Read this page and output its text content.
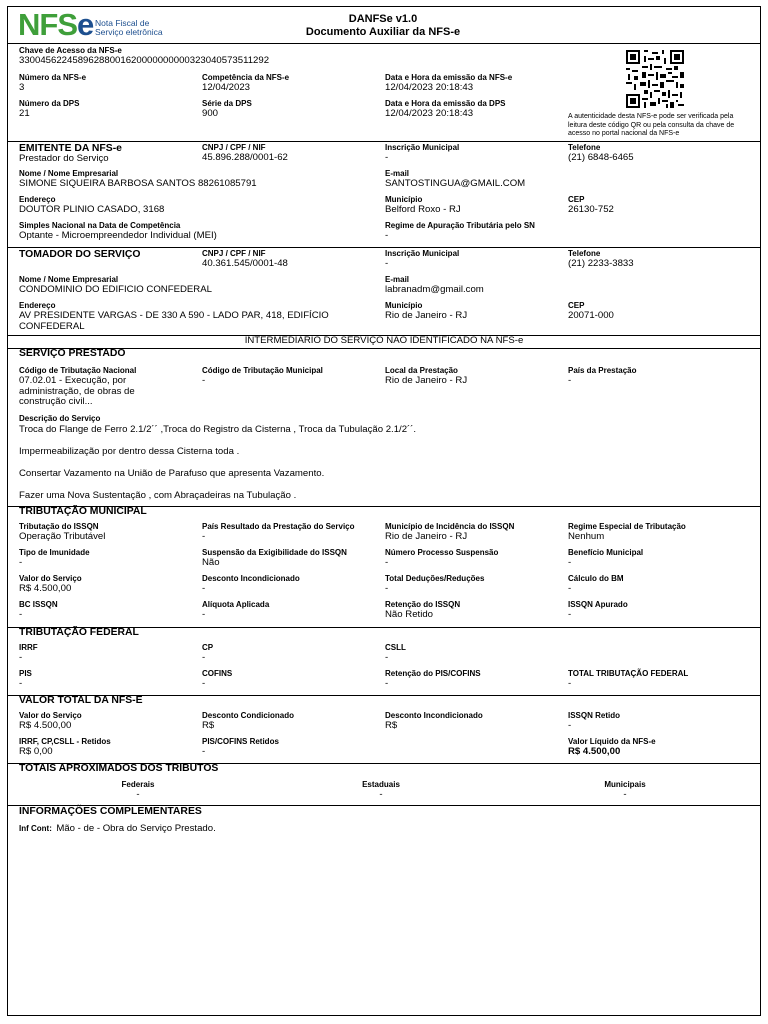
NFSe Nota Fiscal de
Serviço eletrônica
DANFSe v1.0
Documento Auxiliar da NFS-e
Chave de Acesso da NFS-e
33004562245896288001620000000000323040573511292
Número da NFS-e
3
Competência da NFS-e
12/04/2023
Data e Hora da emissão da NFS-e
12/04/2023 20:18:43
Número da DPS
21
Série da DPS
900
Data e Hora da emissão da DPS
12/04/2023 20:18:43	A autenticidade desta NFS-e pode ser verificada pela leitura deste código QR ou pela consulta da chave de acesso no portal nacional da NFS-e
EMITENTE DA NFS-e
Prestador do Serviço
CNPJ / CPF / NIF
45.896.288/0001-62
Inscrição Municipal
-
Telefone
(21) 6848-6465
Nome / Nome Empresarial
SIMONE SIQUEIRA BARBOSA SANTOS 88261085791
E-mail
SANTOSTINGUA@GMAIL.COM
Endereço
DOUTOR PLINIO CASADO, 3168
Município
Belford Roxo - RJ
CEP
26130-752
Simples Nacional na Data de Competência
Optante - Microempreendedor Individual (MEI)
Regime de Apuração Tributária pelo SN
-
TOMADOR DO SERVIÇO	CNPJ / CPF / NIF
40.361.545/0001-48
Inscrição Municipal
-
Telefone
(21) 2233-3833
Nome / Nome Empresarial
CONDOMINIO DO EDIFICIO CONFEDERAL
E-mail
labranadm@gmail.com
Endereço
AV PRESIDENTE VARGAS - DE 330 A 590 - LADO PAR, 418, EDIFÍCIO CONFEDERAL
Município
Rio de Janeiro - RJ
CEP
20071-000
INTERMEDIÁRIO DO SERVIÇO NÃO IDENTIFICADO NA NFS-e
SERVIÇO PRESTADO
Código de Tributação Nacional
07.02.01 - Execução, por administração, de obras de construção civil...
Código de Tributação Municipal
-
Local da Prestação
Rio de Janeiro - RJ
País da Prestação
-
Descrição do Serviço

Troca do Flange de Ferro 2.1/2´´ ,Troca do Registro da Cisterna , Troca da Tubulação 2.1/2´´.

Impermeabilização por dentro dessa Cisterna toda .

Consertar Vazamento na União de Parafuso que apresenta Vazamento.

Fazer uma Nova Sustentação , com Abraçadeiras na Tubulação .

TRIBUTAÇÃO MUNICIPAL
Tributação do ISSQN
Operação Tributável
País Resultado da Prestação do Serviço
-
Município de Incidência do ISSQN
Rio de Janeiro - RJ
Regime Especial de Tributação
Nenhum
Tipo de Imunidade
-
Suspensão da Exigibilidade do ISSQN
Não
Número Processo Suspensão
-
Benefício Municipal
-
Valor do Serviço
R$ 4.500,00
Desconto Incondicionado
-
Total Deduções/Reduções
-
Cálculo do BM
-
BC ISSQN
-
Alíquota Aplicada
-
Retenção do ISSQN
Não Retido
ISSQN Apurado
-
TRIBUTAÇÃO FEDERAL
IRRF
-
CP
-
CSLL
-
PIS
-
COFINS
-
Retenção do PIS/COFINS
-
TOTAL TRIBUTAÇÃO FEDERAL
-
VALOR TOTAL DA NFS-E
Valor do Serviço
R$ 4.500,00
Desconto Condicionado
R$
Desconto Incondicionado
R$
ISSQN Retido
-
IRRF, CP,CSLL - Retidos
R$ 0,00
PIS/COFINS Retidos
-
Valor Líquido da NFS-e
R$ 4.500,00
TOTAIS APROXIMADOS DOS TRIBUTOS
Federais
-
Estaduais
-
Municipais
-
INFORMAÇÕES COMPLEMENTARES
Inf Cont: Mão - de - Obra do Serviço Prestado.
